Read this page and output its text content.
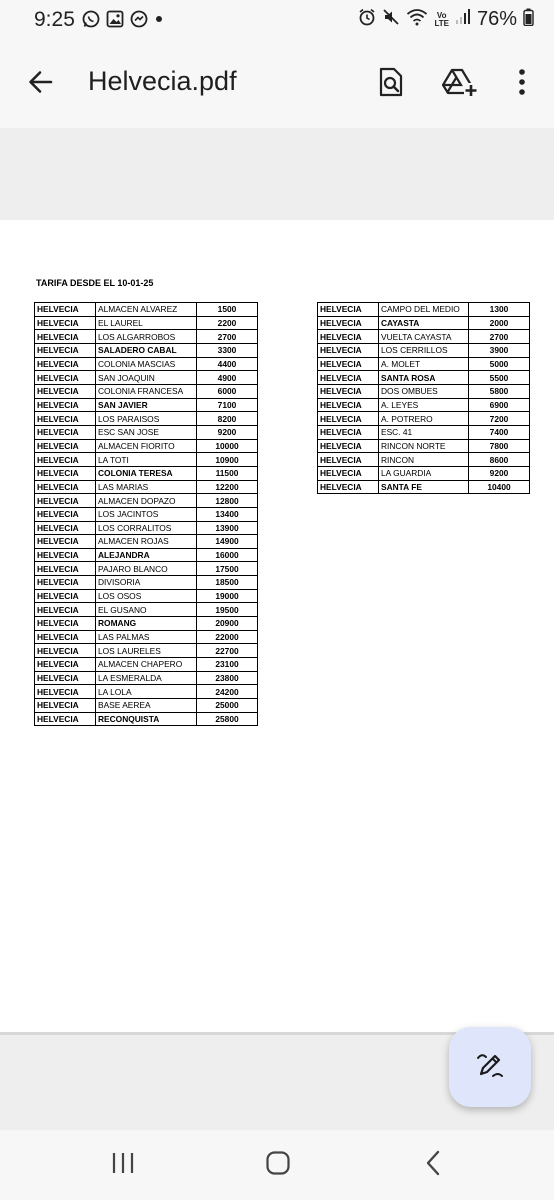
9:25	Vo
LTE 76%
Helvecia.pdf
TARIFA DESDE EL 10-01-25
HELVECIA	ALMACEN ALVAREZ	1500
HELVECIA	EL LAUREL	2200
HELVECIA	LOS ALGARROBOS	2700
HELVECIA	SALADERO CABAL	3300
HELVECIA	COLONIA MASCIAS	4400
HELVECIA	SAN JOAQUIN	4900
HELVECIA	COLONIA FRANCESA	6000
HELVECIA	SAN JAVIER	7100
HELVECIA	LOS PARAISOS	8200
HELVECIA	ESC SAN JOSE	9200
HELVECIA	ALMACEN FIORITO	10000
HELVECIA	LA TOTI	10900
HELVECIA	COLONIA TERESA	11500
HELVECIA	LAS MARIAS	12200
HELVECIA	ALMACEN DOPAZO	12800
HELVECIA	LOS JACINTOS	13400
HELVECIA	LOS CORRALITOS	13900
HELVECIA	ALMACEN ROJAS	14900
HELVECIA	ALEJANDRA	16000
HELVECIA	PAJARO BLANCO	17500
HELVECIA	DIVISORIA	18500
HELVECIA	LOS OSOS	19000
HELVECIA	EL GUSANO	19500
HELVECIA	ROMANG	20900
HELVECIA	LAS PALMAS	22000
HELVECIA	LOS LAURELES	22700
HELVECIA	ALMACEN CHAPERO	23100
HELVECIA	LA ESMERALDA	23800
HELVECIA	LA LOLA	24200
HELVECIA	BASE AEREA	25000
HELVECIA	RECONQUISTA	25800
HELVECIA	CAMPO DEL MEDIO	1300
HELVECIA	CAYASTA	2000
HELVECIA	VUELTA CAYASTA	2700
HELVECIA	LOS CERRILLOS	3900
HELVECIA	A. MOLET	5000
HELVECIA	SANTA ROSA	5500
HELVECIA	DOS OMBUES	5800
HELVECIA	A. LEYES	6900
HELVECIA	A. POTRERO	7200
HELVECIA	ESC. 41	7400
HELVECIA	RINCON NORTE	7800
HELVECIA	RINCON	8600
HELVECIA	LA GUARDIA	9200
HELVECIA	SANTA FE	10400
